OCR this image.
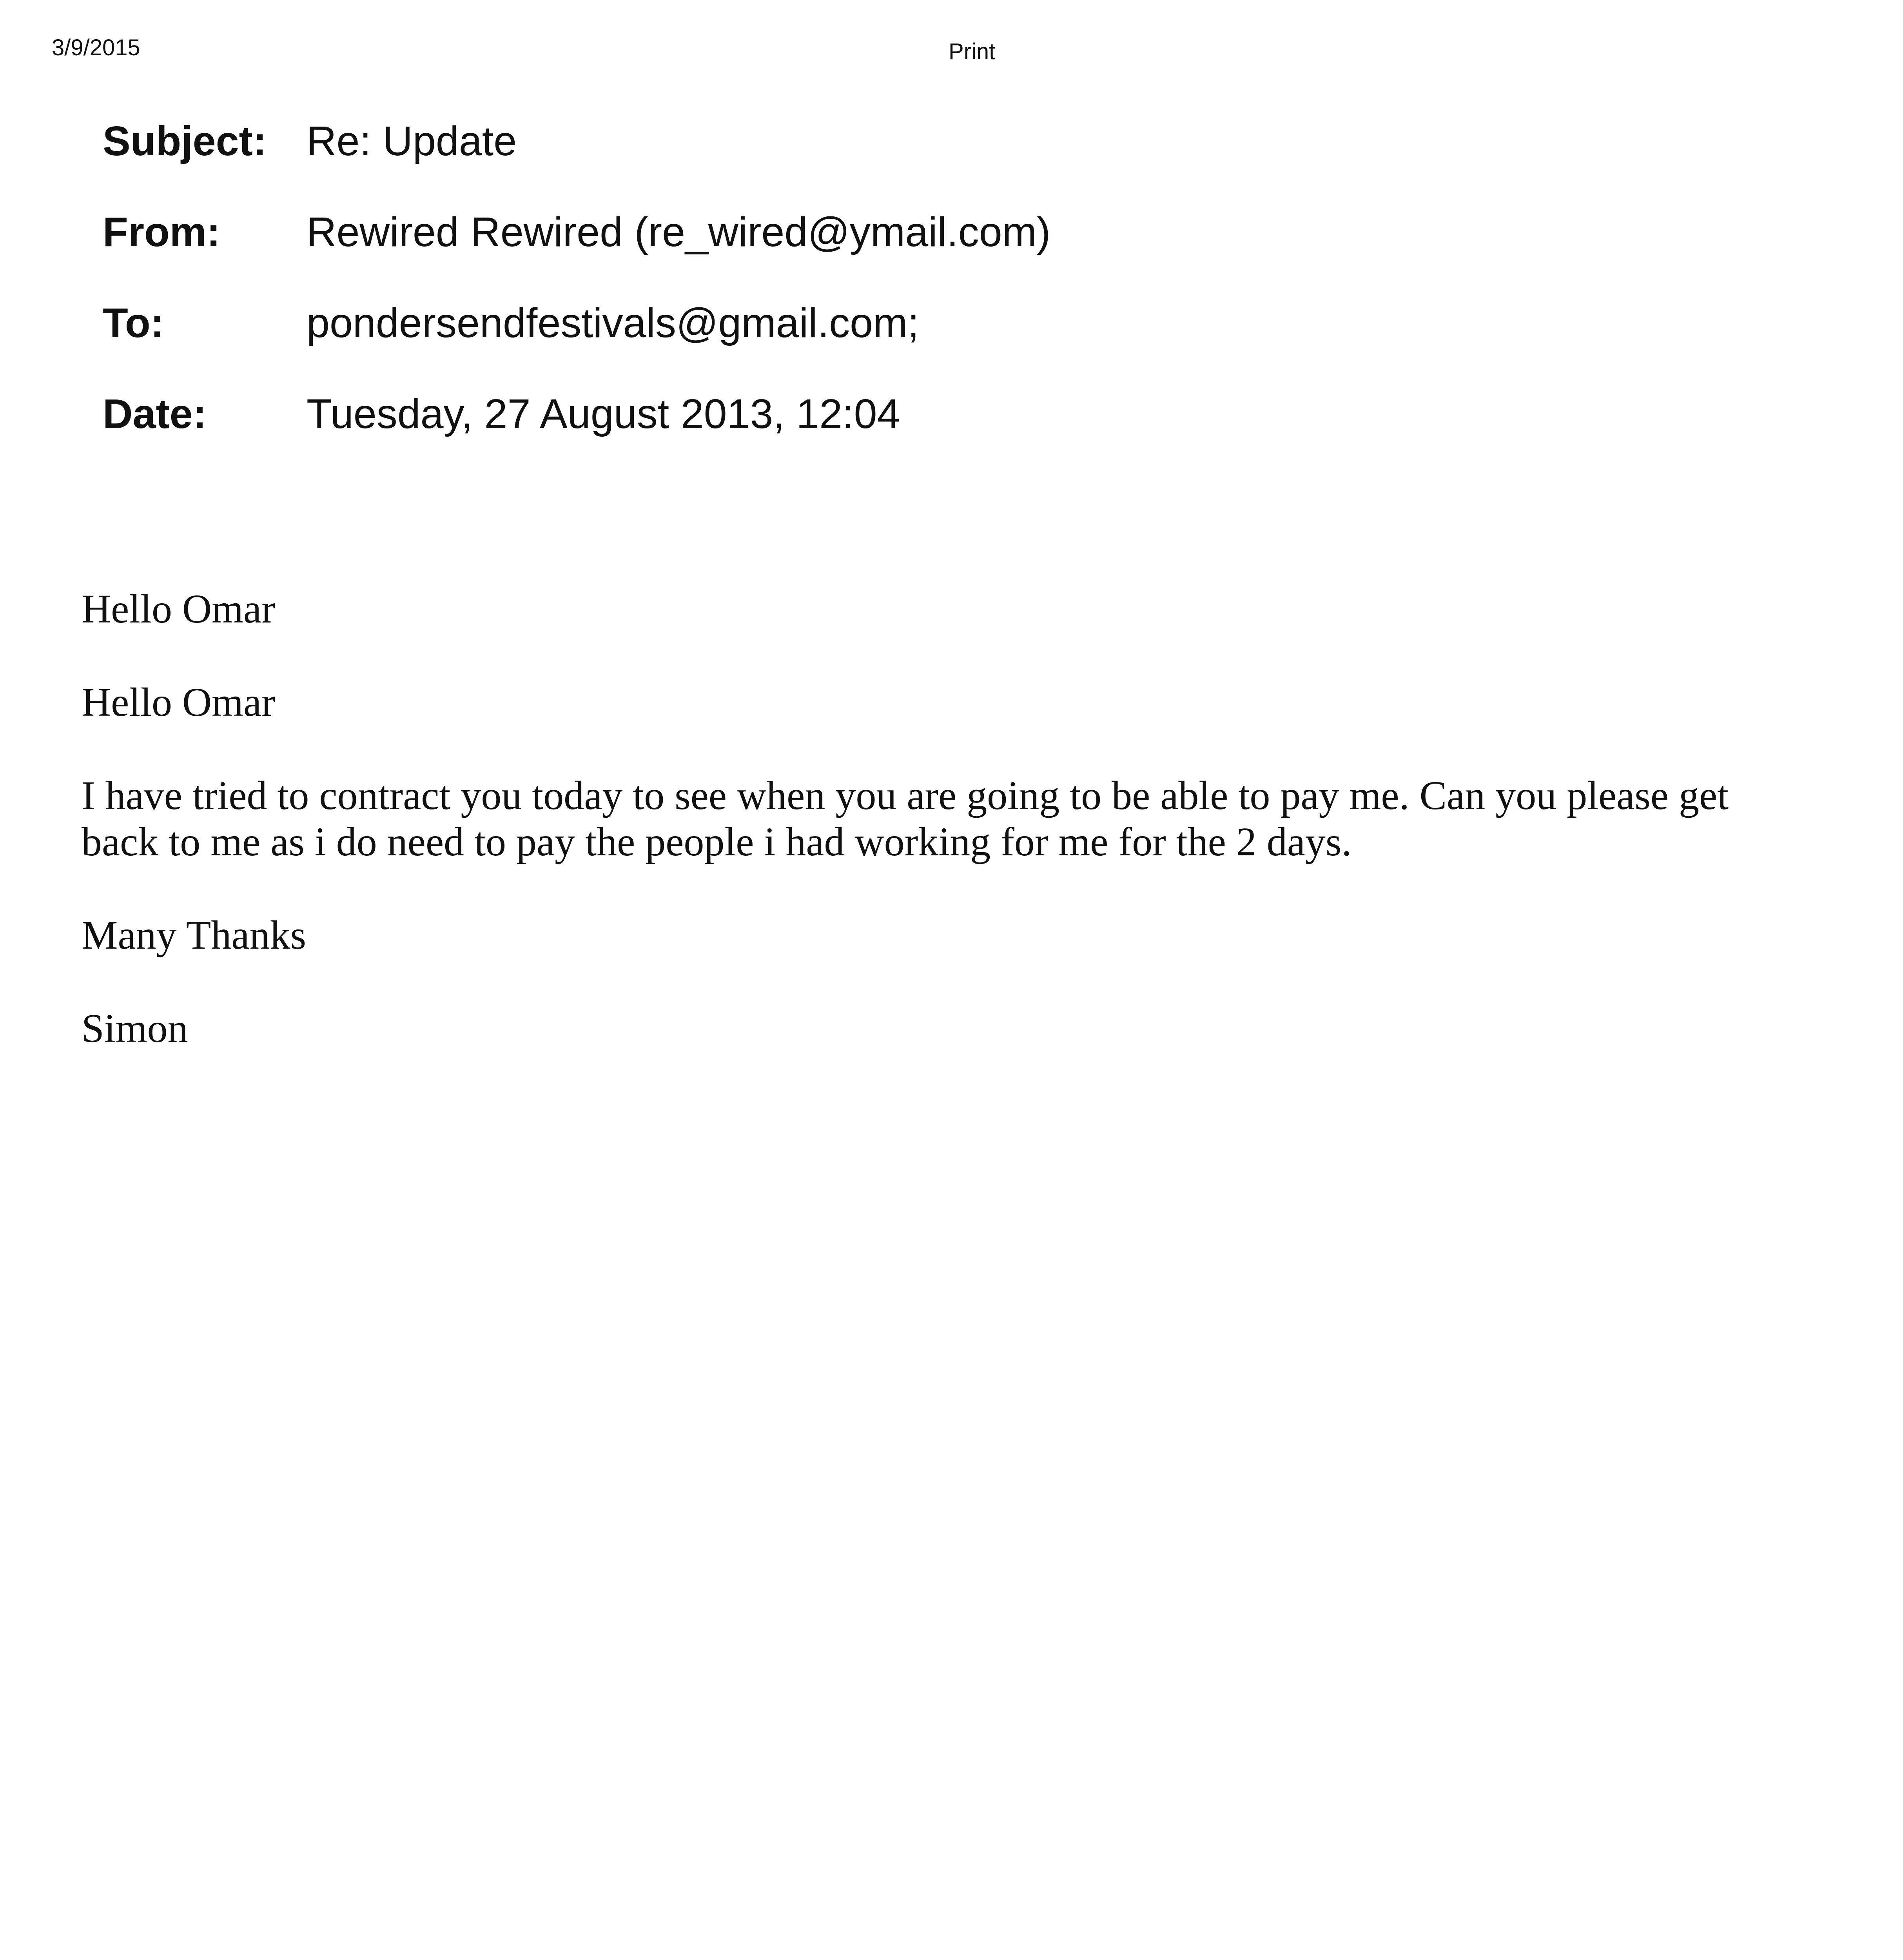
3/9/2015	Print
Subject: Re: Update
From:	Rewired Rewired (re_wired@ymail.com)
To:	pondersendfestivals@gmail.com;
Date:	Tuesday, 27 August 2013, 12:04

Hello Omar

Hello Omar

I have tried to contract you today to see when you are going to be able to pay me. Can you please get back to me as i do need to pay the people i had working for me for the 2 days.

Many Thanks

Simon
